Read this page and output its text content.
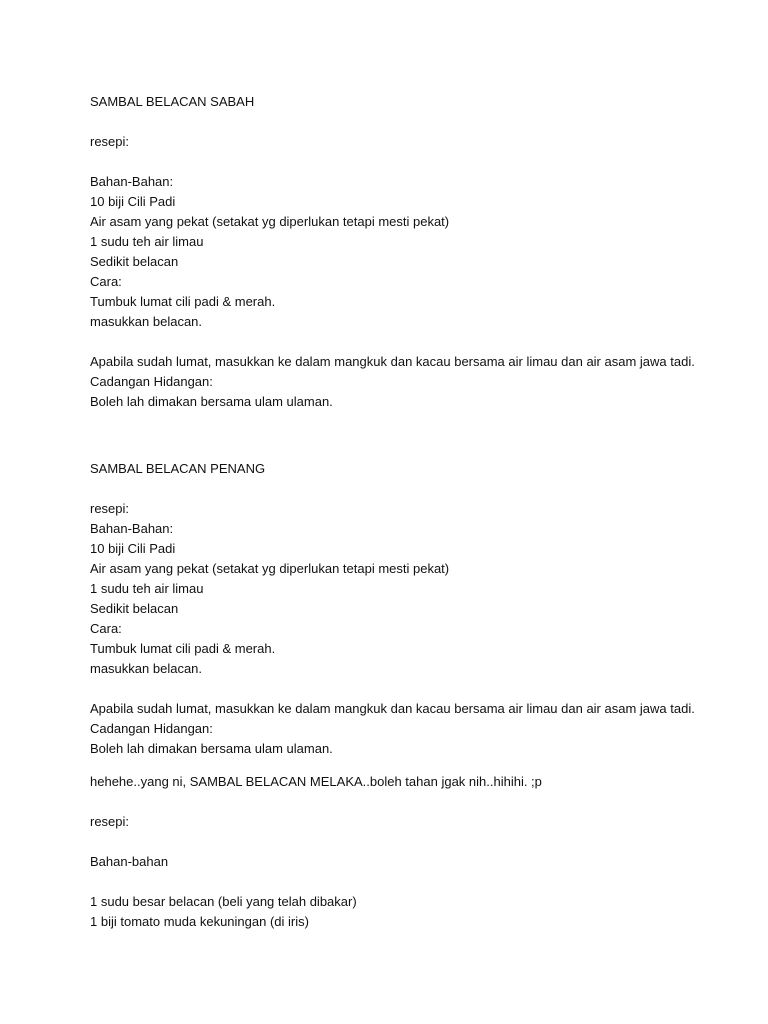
SAMBAL BELACAN SABAH
resepi:
Bahan-Bahan:
10 biji Cili Padi
Air asam yang pekat (setakat yg diperlukan tetapi mesti pekat)
1 sudu teh air limau
Sedikit belacan
Cara:
Tumbuk lumat cili padi & merah.
masukkan belacan.
Apabila sudah lumat, masukkan ke dalam mangkuk dan kacau bersama air limau dan air asam jawa tadi.
Cadangan Hidangan:
Boleh lah dimakan bersama ulam ulaman.
SAMBAL BELACAN PENANG
resepi:
Bahan-Bahan:
10 biji Cili Padi
Air asam yang pekat (setakat yg diperlukan tetapi mesti pekat)
1 sudu teh air limau
Sedikit belacan
Cara:
Tumbuk lumat cili padi & merah.
masukkan belacan.
Apabila sudah lumat, masukkan ke dalam mangkuk dan kacau bersama air limau dan air asam jawa tadi.
Cadangan Hidangan:
Boleh lah dimakan bersama ulam ulaman.
hehehe..yang ni, SAMBAL BELACAN MELAKA..boleh tahan jgak nih..hihihi. ;p
resepi:
Bahan-bahan
1 sudu besar belacan (beli yang telah dibakar)
1 biji tomato muda kekuningan (di iris)
